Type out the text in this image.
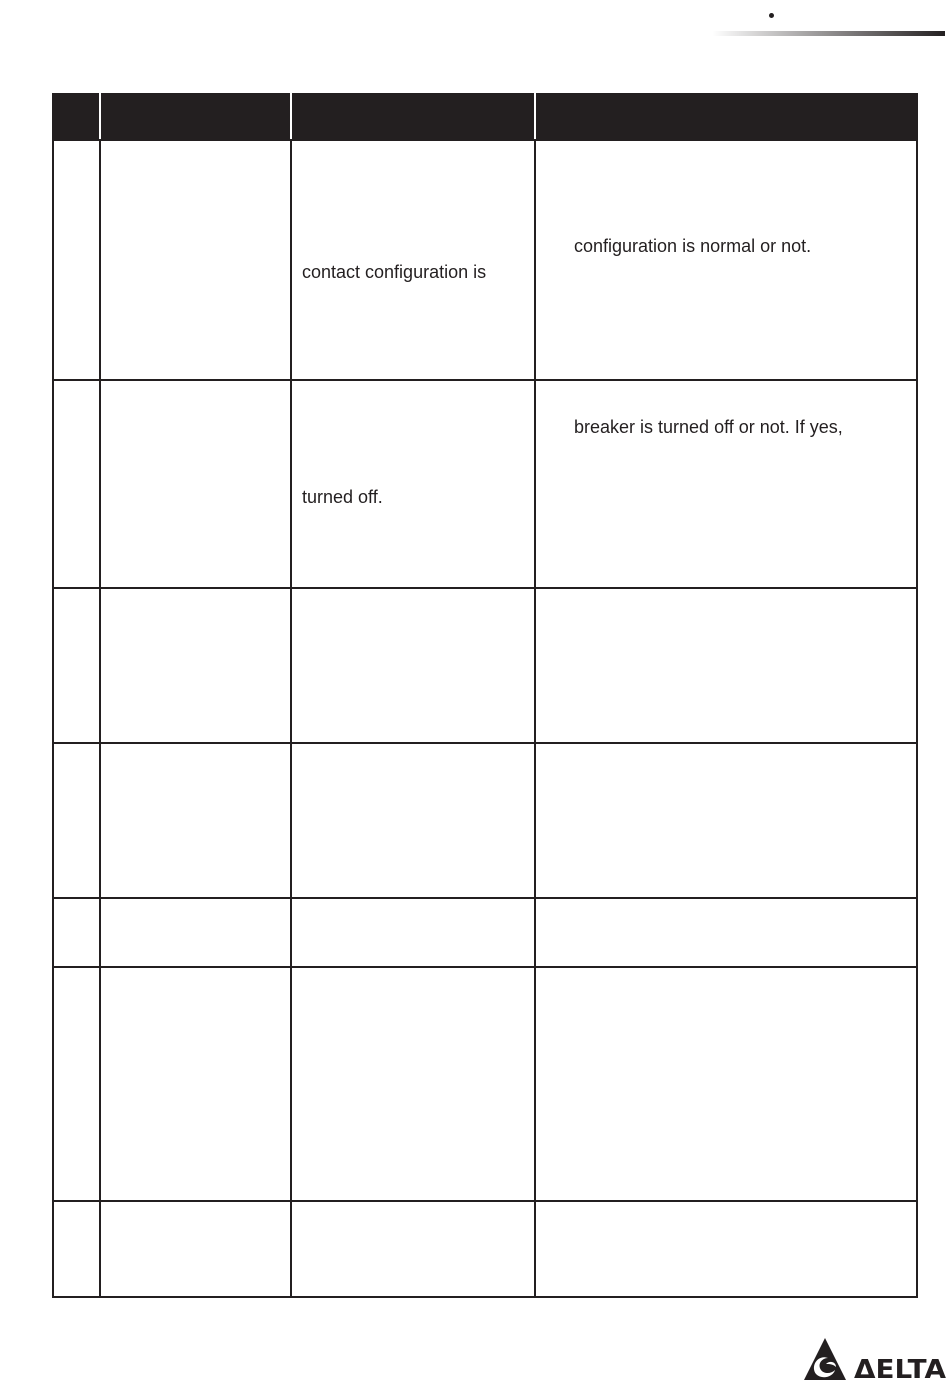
		contact configuration is	configuration is normal or not.

		turned off.	breaker is turned off or not. If yes,

ΔELTA
